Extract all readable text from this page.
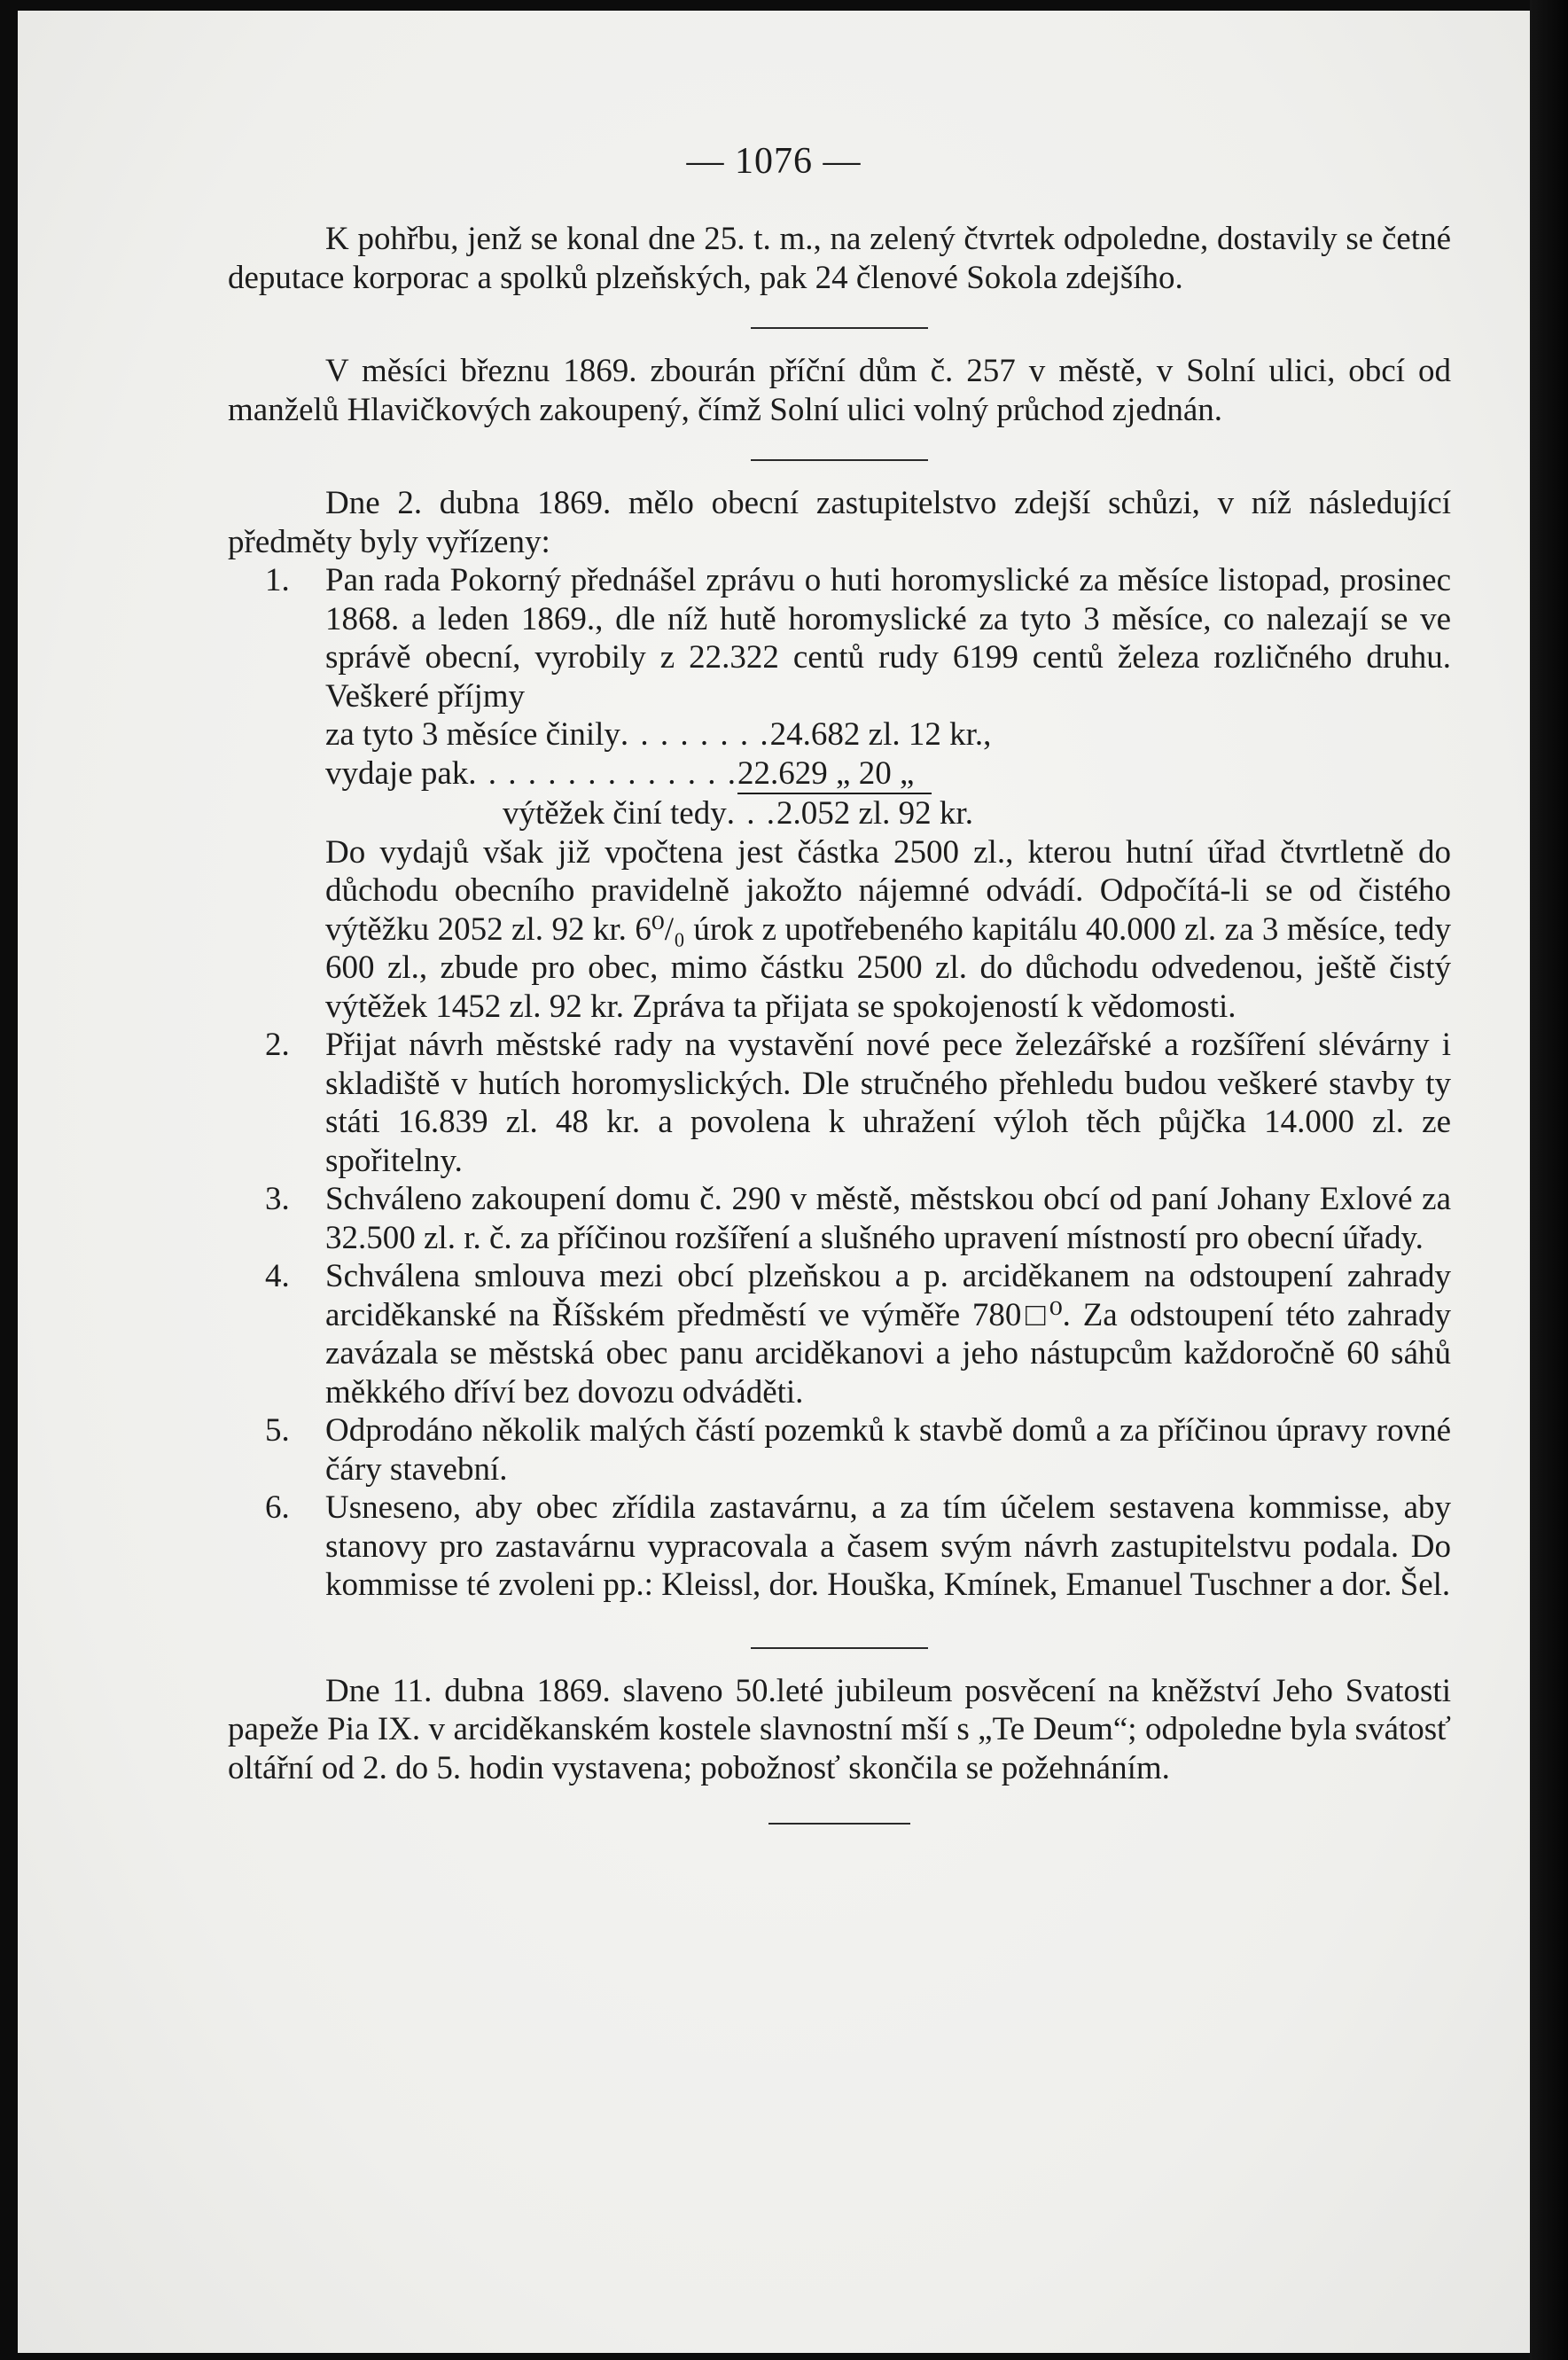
— 1076 —

K pohřbu, jenž se konal dne 25. t. m., na zelený čtvrtek odpoledne, dostavily se četné deputace korporac a spolků plzeňských, pak 24 členové Sokola zdejšího.

V měsíci březnu 1869. zbourán příční dům č. 257 v městě, v Solní ulici, obcí od manželů Hlavičkových zakoupený, čímž Solní ulici volný průchod zjednán.

Dne 2. dubna 1869. mělo obecní zastupitelstvo zdejší schůzi, v níž následující předměty byly vyřízeny:

1. Pan rada Pokorný přednášel zprávu o huti horomyslické za měsíce listopad, prosinec 1868. a leden 1869., dle níž hutě horomyslické za tyto 3 měsíce, co nalezají se ve správě obecní, vyrobily z 22.322 centů rudy 6199 centů železa rozličného druhu. Veškeré příjmy

za tyto 3 měsíce činily . . . . . . . . 24.682 zl. 12 kr.,
vydaje pak . . . . . . . . . . . . . . 22.629 „ 20 „
výtěžek činí tedy . . . 2.052 zl. 92 kr.

Do vydajů však již vpočtena jest částka 2500 zl., kterou hutní úřad čtvrtletně do důchodu obecního pravidelně jakožto nájemné odvádí. Odpočítá-li se od čistého výtěžku 2052 zl. 92 kr. 6⁰/₀ úrok z upotřebeného kapitálu 40.000 zl. za 3 měsíce, tedy 600 zl., zbude pro obec, mimo částku 2500 zl. do důchodu odvedenou, ještě čistý výtěžek 1452 zl. 92 kr. Zpráva ta přijata se spokojeností k vědomosti.

2. Přijat návrh městské rady na vystavění nové pece železářské a rozšíření slévárny i skladiště v hutích horomyslických. Dle stručného přehledu budou veškeré stavby ty státi 16.839 zl. 48 kr. a povolena k uhražení výloh těch půjčka 14.000 zl. ze spořitelny.

3. Schváleno zakoupení domu č. 290 v městě, městskou obcí od paní Johany Exlové za 32.500 zl. r. č. za příčinou rozšíření a slušného upravení místností pro obecní úřady.

4. Schválena smlouva mezi obcí plzeňskou a p. arciděkanem na odstoupení zahrady arciděkanské na Říšském předměstí ve výměře 780□⁰. Za odstoupení této zahrady zavázala se městská obec panu arciděkanovi a jeho nástupcům každoročně 60 sáhů měkkého dříví bez dovozu odváděti.

5. Odprodáno několik malých částí pozemků k stavbě domů a za příčinou úpravy rovné čáry stavební.

6. Usneseno, aby obec zřídila zastavárnu, a za tím účelem sestavena kommisse, aby stanovy pro zastavárnu vypracovala a časem svým návrh zastupitelstvu podala. Do kommisse té zvoleni pp.: Kleissl, dor. Houška, Kmínek, Emanuel Tuschner a dor. Šel.

Dne 11. dubna 1869. slaveno 50.leté jubileum posvěcení na kněžství Jeho Svatosti papeže Pia IX. v arciděkanském kostele slavnostní mší s „Te Deum“; odpoledne byla svátosť oltářní od 2. do 5. hodin vystavena; pobožnosť skončila se požehnáním.
